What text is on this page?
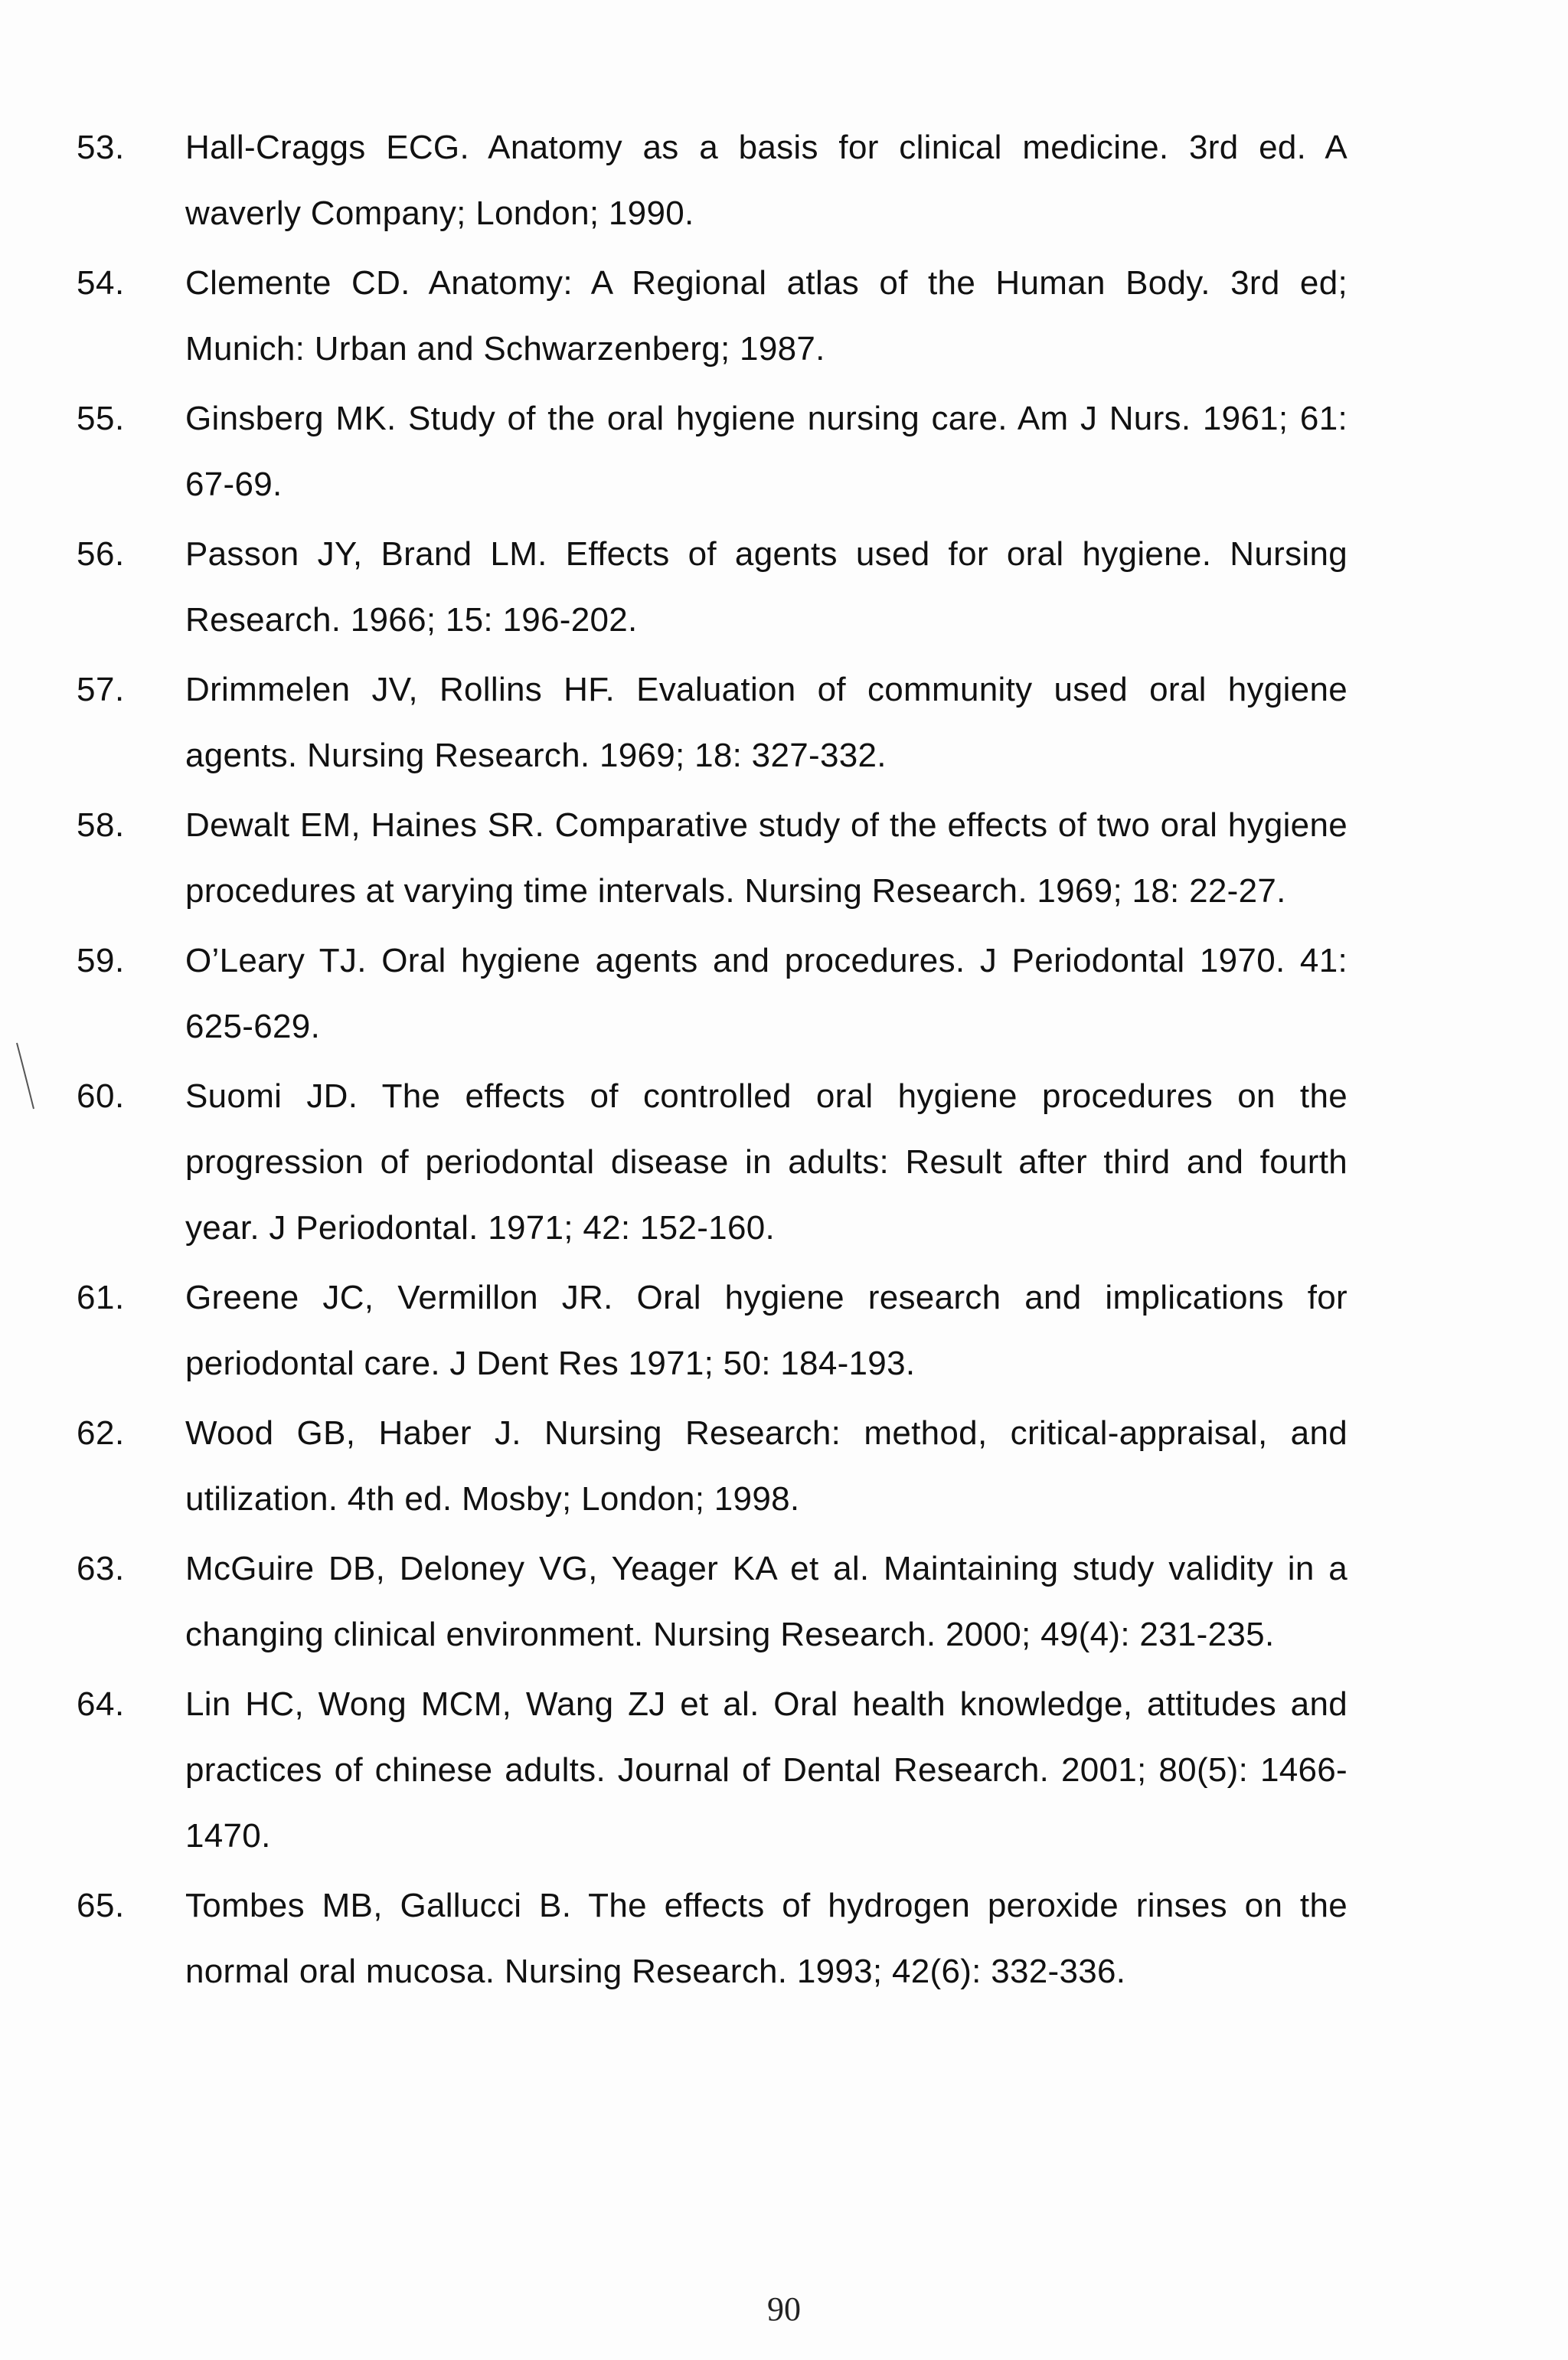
53.	Hall-Craggs ECG. Anatomy as a basis for clinical medicine. 3rd ed. A waverly Company; London; 1990.
54.	Clemente CD. Anatomy: A Regional atlas of the Human Body. 3rd ed; Munich: Urban and Schwarzenberg; 1987.
55.	Ginsberg MK. Study of the oral hygiene nursing care. Am J Nurs. 1961; 61: 67-69.
56.	Passon JY, Brand LM. Effects of agents used for oral hygiene. Nursing Research. 1966; 15: 196-202.
57.	Drimmelen JV, Rollins HF. Evaluation of community used oral hygiene agents. Nursing Research. 1969; 18: 327-332.
58.	Dewalt EM, Haines SR. Comparative study of the effects of two oral hygiene procedures at varying time intervals. Nursing Research. 1969; 18: 22-27.
59.	O’Leary TJ. Oral hygiene agents and procedures. J Periodontal 1970. 41: 625-629.
60.	Suomi JD. The effects of controlled oral hygiene procedures on the progression of periodontal disease in adults: Result after third and fourth year. J Periodontal. 1971; 42: 152-160.
61.	Greene JC, Vermillon JR. Oral hygiene research and implications for periodontal care. J Dent Res 1971; 50: 184-193.
62.	Wood GB, Haber J. Nursing Research: method, critical-appraisal, and utilization. 4th ed. Mosby; London; 1998.
63.	McGuire DB, Deloney VG, Yeager KA et al. Maintaining study validity in a changing clinical environment. Nursing Research. 2000; 49(4): 231-235.
64.	Lin HC, Wong MCM, Wang ZJ et al. Oral health knowledge, attitudes and practices of chinese adults. Journal of Dental Research. 2001; 80(5): 1466-1470.
65.	Tombes MB, Gallucci B. The effects of hydrogen peroxide rinses on the normal oral mucosa. Nursing Research. 1993; 42(6): 332-336.
90
